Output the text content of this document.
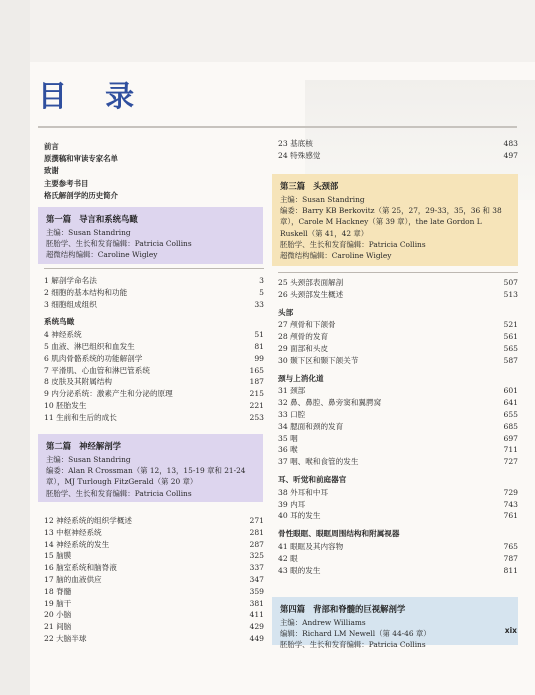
目 录
前言
原撰稿和审读专家名单
致谢
主要参考书目
格氏解剖学的历史简介
第一篇 导言和系统鸟瞰
主编：Susan Standring
胚胎学、生长和发育编辑：Patricia Collins
超微结构编辑：Caroline Wigley
1 解剖学命名法	3
2 细胞的基本结构和功能	5
3 细胞组成组织	33
系统鸟瞰
4 神经系统	51
5 血液、淋巴组织和血发生	81
6 肌肉骨骼系统的功能解剖学	99
7 平滑肌、心血管和淋巴管系统	165
8 皮肤及其附属结构	187
9 内分泌系统：激素产生和分泌的原理	215
10 胚胎发生	221
11 生前和生后的成长	253
第二篇 神经解剖学
主编：Susan Standring
编委：Alan R Crossman（第 12，13，15-19 章和 21-24 章），MJ Turlough FitzGerald（第 20 章）
胚胎学、生长和发育编辑：Patricia Collins
12 神经系统的组织学概述	271
13 中枢神经系统	281
14 神经系统的发生	287
15 脑膜	325
16 脑室系统和脑脊液	337
17 脑的血液供应	347
18 脊髓	359
19 脑干	381
20 小脑	411
21 间脑	429
22 大脑半球	449
23 基底核	483
24 特殊感觉	497
第三篇 头颈部
主编：Susan Standring
编委：Barry KB Berkovitz（第 25，27，29-33，35，36 和 38 章），Carole M Hackney（第 39 章），the late Gordon L Ruskell（第 41，42 章）
胚胎学、生长和发育编辑：Patricia Collins
超微结构编辑：Caroline Wigley
25 头颈部表面解剖	507
26 头颈部发生概述	513
头部
27 颅骨和下颌骨	521
28 颅骨的发育	561
29 面部和头皮	565
30 颞下区和颞下颌关节	587
颈与上消化道
31 颈部	601
32 鼻、鼻腔、鼻旁窦和翼腭窝	641
33 口腔	655
34 腮面和颈的发育	685
35 咽	697
36 喉	711
37 咽、喉和食管的发生	727
耳、听觉和前庭器官
38 外耳和中耳	729
39 内耳	743
40 耳的发生	761
骨性眼眶、眼眶周围结构和附属视器
41 眼眶及其内容物	765
42 眼	787
43 眼的发生	811
第四篇 背部和脊髓的巨视解剖学
主编：Andrew Williams
编辑：Richard LM Newell（第 44-46 章）
胚胎学、生长和发育编辑：Patricia Collins
xix
